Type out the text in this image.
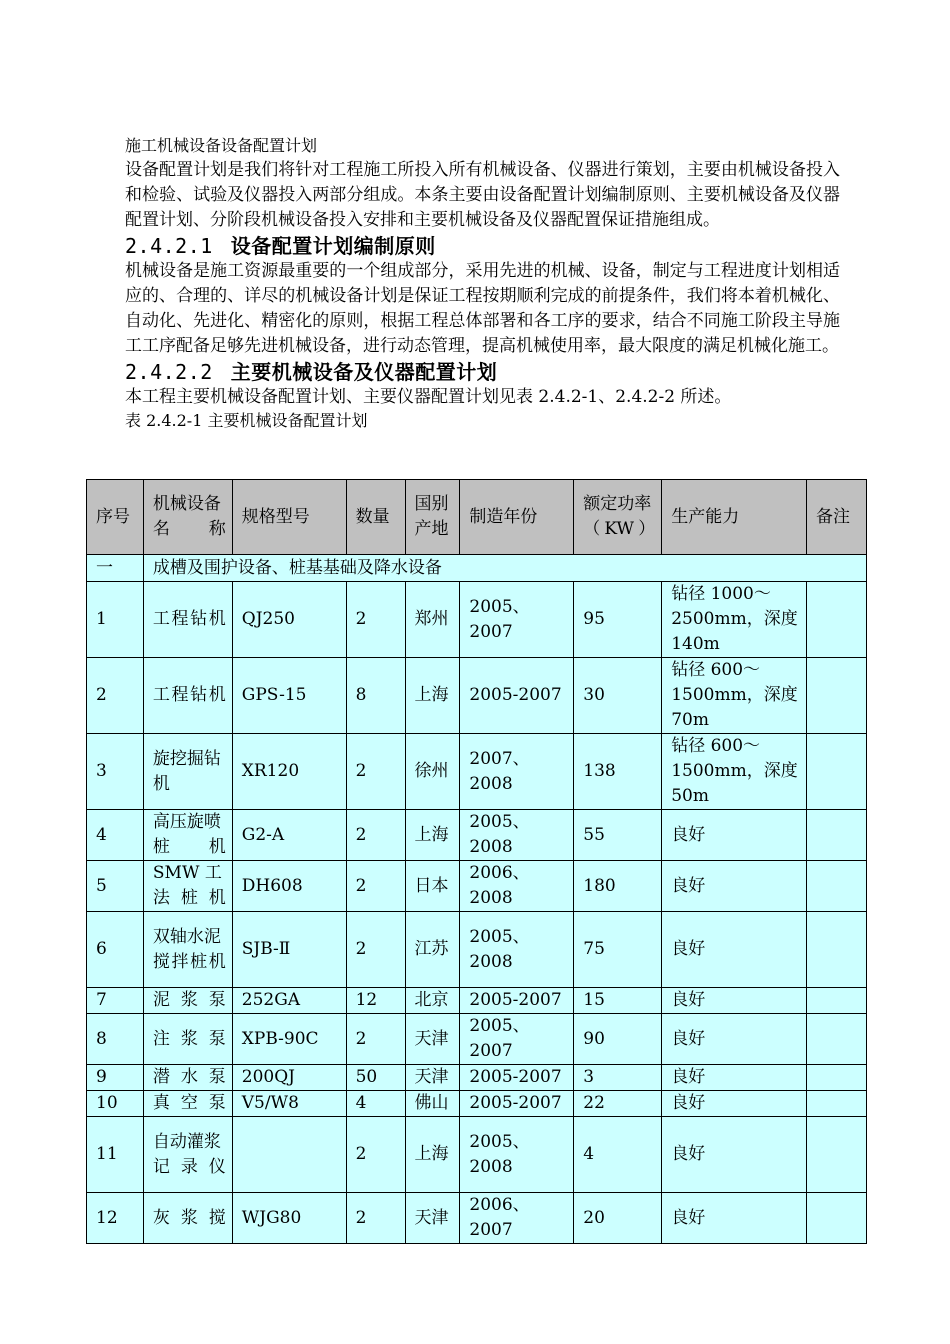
施工机械设备设备配置计划

设备配置计划是我们将针对工程施工所投入所有机械设备、仪器进行策划，主要由机械设备投入和检验、试验及仪器投入两部分组成。本条主要由设备配置计划编制原则、主要机械设备及仪器配置计划、分阶段机械设备投入安排和主要机械设备及仪器配置保证措施组成。

2.4.2.1 设备配置计划编制原则

机械设备是施工资源最重要的一个组成部分，采用先进的机械、设备，制定与工程进度计划相适应的、合理的、详尽的机械设备计划是保证工程按期顺利完成的前提条件，我们将本着机械化、自动化、先进化、精密化的原则，根据工程总体部署和各工序的要求，结合不同施工阶段主导施工工序配备足够先进机械设备，进行动态管理，提高机械使用率，最大限度的满足机械化施工。

2.4.2.2 主要机械设备及仪器配置计划

本工程主要机械设备配置计划、主要仪器配置计划见表 2.4.2-1、2.4.2-2 所述。

表 2.4.2-1 主要机械设备配置计划

序号	机械设备名称	规格型号	数量	国别产地	制造年份	额定功率（KW）	生产能力	备注
一	成槽及围护设备、桩基基础及降水设备							
1	工程钻机	QJ250	2	郑州	2005、2007	95	钻径 1000～2500mm，深度140m	
2	工程钻机	GPS-15	8	上海	2005-2007	30	钻径 600～1500mm，深度70m	
3	旋挖掘钻机	XR120	2	徐州	2007、2008	138	钻径 600～1500mm，深度50m	
4	高压旋喷桩机	G2-A	2	上海	2005、2008	55	良好	
5	SMW 工法桩机	DH608	2	日本	2006、2008	180	良好	
6	双轴水泥搅拌桩机	SJB-Ⅱ	2	江苏	2005、2008	75	良好	
7	泥浆泵	252GA	12	北京	2005-2007	15	良好	
8	注浆泵	XPB-90C	2	天津	2005、2007	90	良好	
9	潜水泵	200QJ	50	天津	2005-2007	3	良好	
10	真空泵	V5/W8	4	佛山	2005-2007	22	良好	
11	自动灌浆记录仪		2	上海	2005、2008	4	良好	
12	灰浆搅	WJG80	2	天津	2006、2007	20	良好	
